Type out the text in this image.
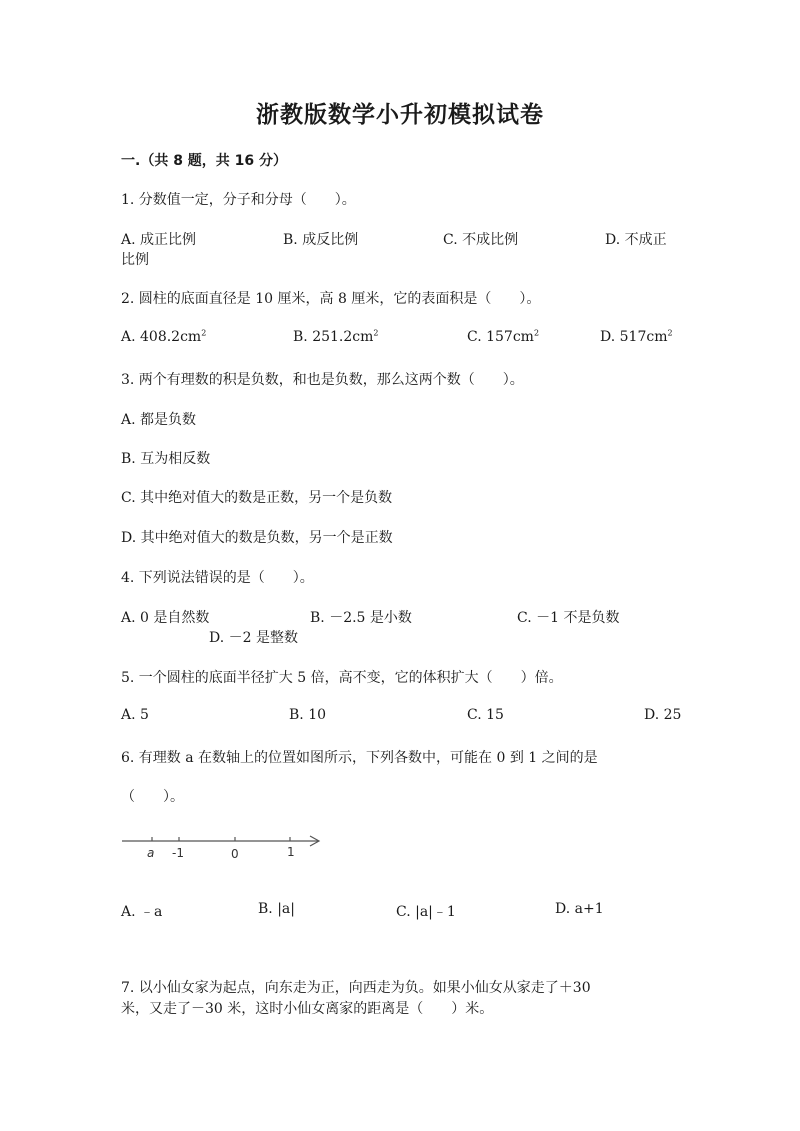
浙教版数学小升初模拟试卷
一.（共 8 题，共 16 分）
1. 分数值一定，分子和分母（　　）。
A. 成正比例	B. 成反比例	C. 不成比例	D. 不成正
比例
2. 圆柱的底面直径是 10 厘米，高 8 厘米，它的表面积是（　　）。
A. $408.2cm^2$	B. $251.2cm^2$	C. $157cm^2$	D. $517cm^2$
3. 两个有理数的积是负数，和也是负数，那么这两个数（　　）。
A. 都是负数
B. 互为相反数
C. 其中绝对值大的数是正数，另一个是负数
D. 其中绝对值大的数是负数，另一个是正数
4. 下列说法错误的是（　　）。
A. 0 是自然数	B. －2.5 是小数	C. －1 不是负数
D. －2 是整数
5. 一个圆柱的底面半径扩大 5 倍，高不变，它的体积扩大（　　）倍。
A. 5	B. 10	C. 15	D. 25
6. 有理数 a 在数轴上的位置如图所示，下列各数中，可能在 0 到 1 之间的是
（　　）。
a -1	0	1
A. ﹣a	B. |a|	C. |a|﹣1	D. a+1
7. 以小仙女家为起点，向东走为正，向西走为负。如果小仙女从家走了＋30
米，又走了－30 米，这时小仙女离家的距离是（　　）米。
